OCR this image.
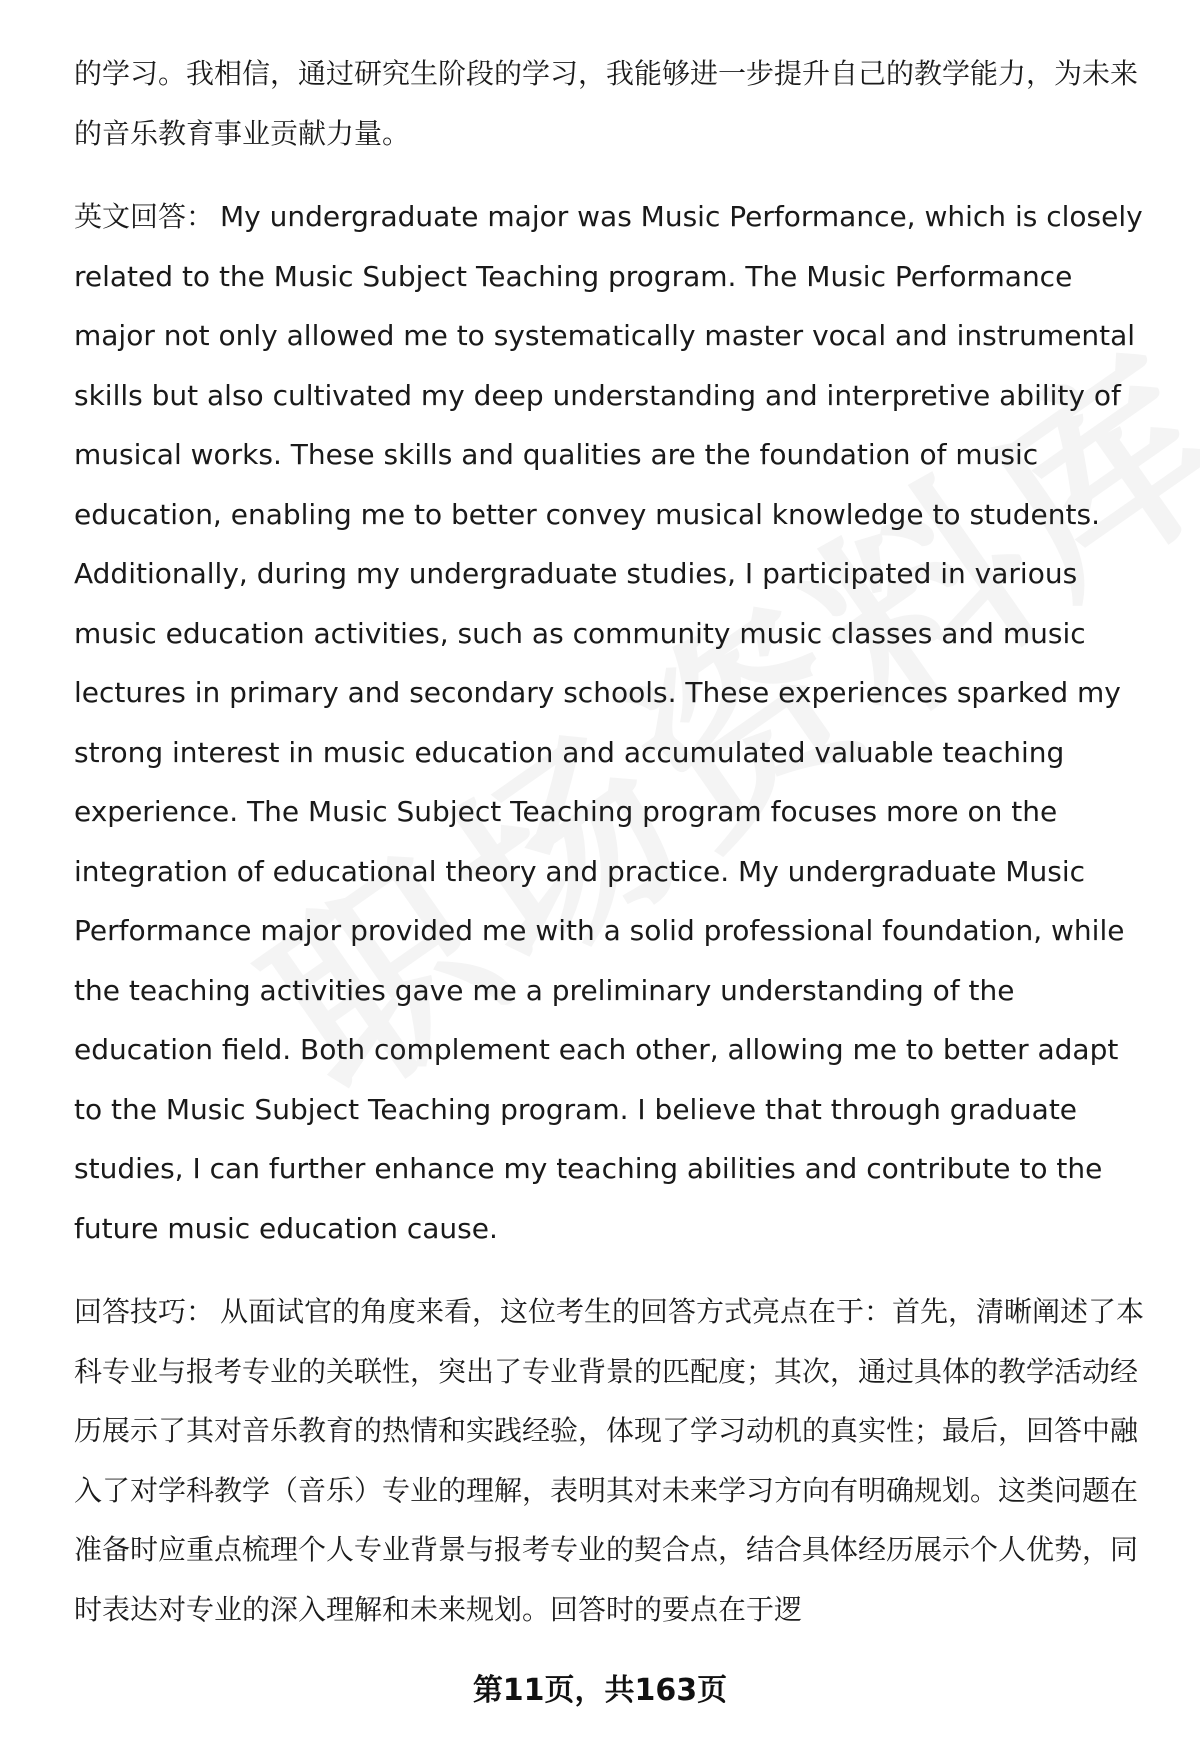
的学习。我相信，通过研究生阶段的学习，我能够进一步提升自己的教学能力，为未来的音乐教育事业贡献力量。

英文回答： My undergraduate major was Music Performance, which is closely related to the Music Subject Teaching program. The Music Performance major not only allowed me to systematically master vocal and instrumental skills but also cultivated my deep understanding and interpretive ability of musical works. These skills and qualities are the foundation of music education, enabling me to better convey musical knowledge to students. Additionally, during my undergraduate studies, I participated in various music education activities, such as community music classes and music lectures in primary and secondary schools. These experiences sparked my strong interest in music education and accumulated valuable teaching experience. The Music Subject Teaching program focuses more on the integration of educational theory and practice. My undergraduate Music Performance major provided me with a solid professional foundation, while the teaching activities gave me a preliminary understanding of the education field. Both complement each other, allowing me to better adapt to the Music Subject Teaching program. I believe that through graduate studies, I can further enhance my teaching abilities and contribute to the future music education cause.

回答技巧： 从面试官的角度来看，这位考生的回答方式亮点在于：首先，清晰阐述了本科专业与报考专业的关联性，突出了专业背景的匹配度；其次，通过具体的教学活动经历展示了其对音乐教育的热情和实践经验，体现了学习动机的真实性；最后，回答中融入了对学科教学（音乐）专业的理解，表明其对未来学习方向有明确规划。这类问题在准备时应重点梳理个人专业背景与报考专业的契合点，结合具体经历展示个人优势，同时表达对专业的深入理解和未来规划。回答时的要点在于逻

第11页，共163页
